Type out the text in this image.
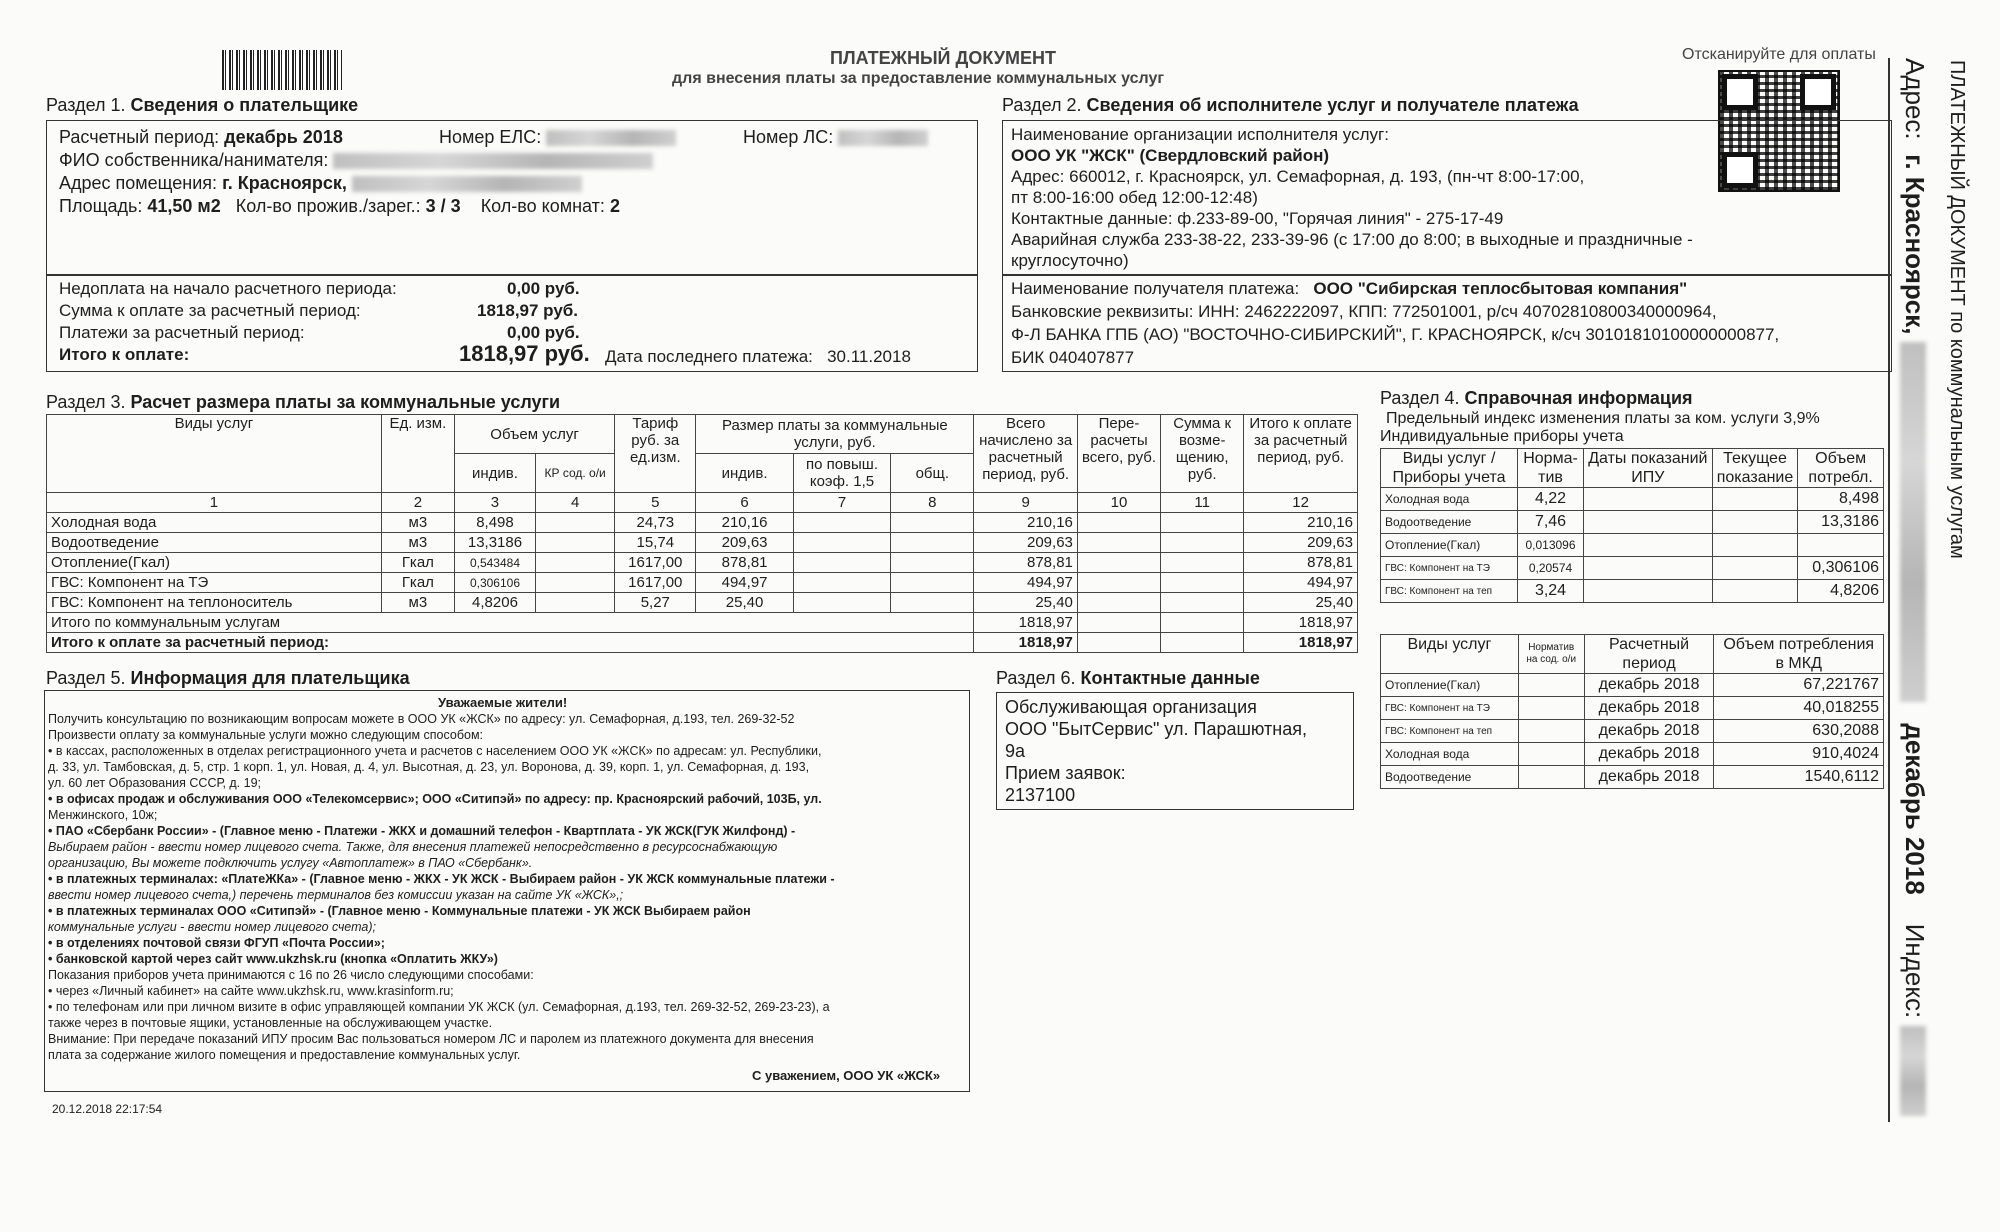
ПЛАТЕЖНЫЙ ДОКУМЕНТ
для внесения платы за предоставление коммунальных услуг
Отсканируйте для оплаты
Раздел 1. Сведения о плательщике
Расчетный период: декабрь 2018	Номер ЕЛС:	Номер ЛС:
ФИО собственника/нанимателя:
Адрес помещения: г. Красноярск,
Площадь: 41,50 м2 Кол-во прожив./зарег.: 3 / 3 Кол-во комнат: 2
Недоплата на начало расчетного периода:	0,00 руб.
Сумма к оплате за расчетный период:	1818,97 руб.
Платежи за расчетный период:	0,00 руб.
Итого к оплате:	1818,97 руб. Дата последнего платежа: 30.11.2018
Раздел 2. Сведения об исполнителе услуг и получателе платежа
Наименование организации исполнителя услуг:
ООО УК "ЖСК" (Свердловский район)
Адрес: 660012, г. Красноярск, ул. Семафорная, д. 193, (пн-чт 8:00-17:00,
пт 8:00-16:00 обед 12:00-12:48)
Контактные данные: ф.233-89-00, "Горячая линия" - 275-17-49
Аварийная служба 233-38-22, 233-39-96 (с 17:00 до 8:00; в выходные и праздничные -
круглосуточно)
Наименование получателя платежа: ООО "Сибирская теплосбытовая компания"
Банковские реквизиты: ИНН: 2462222097, КПП: 772501001, р/сч 40702810800340000964,
Ф-Л БАНКА ГПБ (АО) "ВОСТОЧНО-СИБИРСКИЙ", Г. КРАСНОЯРСК, к/сч 30101810100000000877,
БИК 040407877
Раздел 3. Расчет размера платы за коммунальные услуги
Виды услуг	Ед. изм.	Объем услуг		Тариф руб. за ед.изм.	Размер платы за коммунальные услуги, руб.			Всего начислено за расчетный период, руб.	Пере-расчеты всего, руб.	Сумма к возме-щению, руб.	Итого к оплате за расчетный период, руб.
		индив.	КР сод. о/и		индив.	по повыш. коэф. 1,5	общ.				
1	2	3	4	5	6	7	8	9	10	11	12
Холодная вода	м3	8,498		24,73	210,16			210,16			210,16
Водоотведение	м3	13,3186		15,74	209,63			209,63			209,63
Отопление(Гкал)	Гкал	0,543484		1617,00	878,81			878,81			878,81
ГВС: Компонент на ТЭ	Гкал	0,306106		1617,00	494,97			494,97			494,97
ГВС: Компонент на теплоноситель	м3	4,8206		5,27	25,40			25,40			25,40
Итого по коммунальным услугам								1818,97			1818,97
Итого к оплате за расчетный период:								1818,97			1818,97
Раздел 4. Справочная информация
Предельный индекс изменения платы за ком. услуги 3,9%
Индивидуальные приборы учета
Виды услуг / Приборы учета	Норма-тив	Даты показаний ИПУ	Текущее показание	Объем потребл.
Холодная вода	4,22			8,498
Водоотведение	7,46			13,3186
Отопление(Гкал)	0,013096			
ГВС: Компонент на ТЭ	0,20574			0,306106
ГВС: Компонент на теп	3,24			4,8206
Виды услуг	Норматив на сод. о/и	Расчетный период	Объем потребления в МКД
Отопление(Гкал)		декабрь 2018	67,221767
ГВС: Компонент на ТЭ		декабрь 2018	40,018255
ГВС: Компонент на теп		декабрь 2018	630,2088
Холодная вода		декабрь 2018	910,4024
Водоотведение		декабрь 2018	1540,6112
Раздел 5. Информация для плательщика
Уважаемые жители!
Получить консультацию по возникающим вопросам можете в ООО УК «ЖСК» по адресу: ул. Семафорная, д.193, тел. 269-32-52
Произвести оплату за коммунальные услуги можно следующим способом:
• в кассах, расположенных в отделах регистрационного учета и расчетов с населением ООО УК «ЖСК» по адресам: ул. Республики,
д. 33, ул. Тамбовская, д. 5, стр. 1 корп. 1, ул. Новая, д. 4, ул. Высотная, д. 23, ул. Воронова, д. 39, корп. 1, ул. Семафорная, д. 193,
ул. 60 лет Образования СССР, д. 19;
• в офисах продаж и обслуживания ООО «Телекомсервис»; ООО «Ситипэй» по адресу: пр. Красноярский рабочий, 103Б, ул.
Менжинского, 10ж;
• ПАО «Сбербанк России» - (Главное меню - Платежи - ЖКХ и домашний телефон - Квартплата - УК ЖСК(ГУК Жилфонд) -
Выбираем район - ввести номер лицевого счета. Также, для внесения платежей непосредственно в ресурсоснабжающую
организацию, Вы можете подключить услугу «Автоплатеж» в ПАО «Сбербанк».
• в платежных терминалах: «ПлатеЖКа» - (Главное меню - ЖКХ - УК ЖСК - Выбираем район - УК ЖСК коммунальные платежи -
ввести номер лицевого счета,) перечень терминалов без комиссии указан на сайте УК «ЖСК»,;
• в платежных терминалах ООО «Ситипэй» - (Главное меню - Коммунальные платежи - УК ЖСК Выбираем район
коммунальные услуги - ввести номер лицевого счета);
• в отделениях почтовой связи ФГУП «Почта России»;
• банковской картой через сайт www.ukzhsk.ru (кнопка «Оплатить ЖКУ»)
Показания приборов учета принимаются с 16 по 26 число следующими способами:
• через «Личный кабинет» на сайте www.ukzhsk.ru, www.krasinform.ru;
• по телефонам или при личном визите в офис управляющей компании УК ЖСК (ул. Семафорная, д.193, тел. 269-32-52, 269-23-23), а
также через в почтовые ящики, установленные на обслуживающем участке.
Внимание: При передаче показаний ИПУ просим Вас пользоваться номером ЛС и паролем из платежного документа для внесения
плата за содержание жилого помещения и предоставление коммунальных услуг.
С уважением, ООО УК «ЖСК»
20.12.2018 22:17:54
Раздел 6. Контактные данные
Обслуживающая организация
ООО "БытСервис" ул. Парашютная,
9а
Прием заявок:
2137100
ПЛАТЕЖНЫЙ ДОКУМЕНТ по коммунальным услугам
Адрес:  г. Красноярск,    декабрь 2018    Индекс:
